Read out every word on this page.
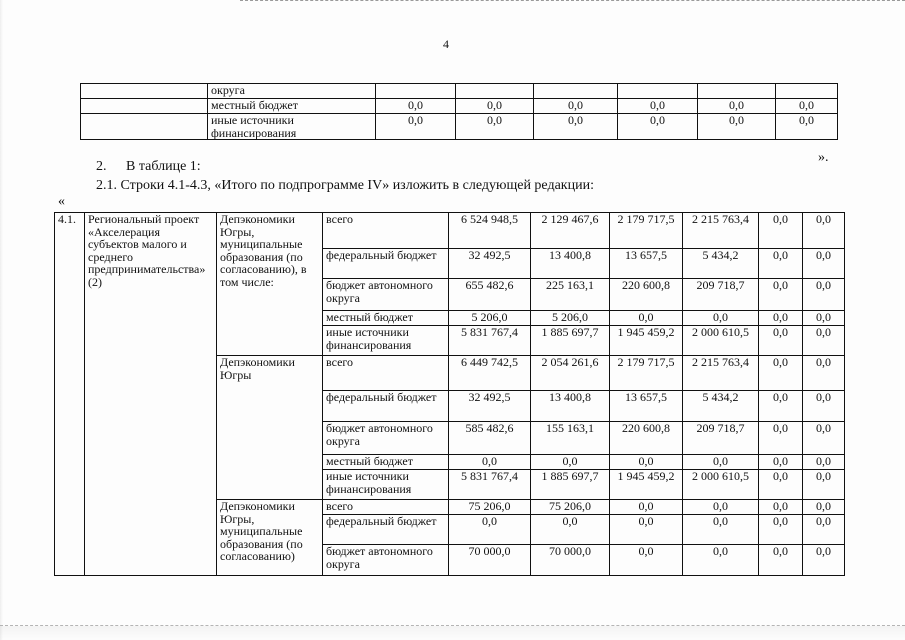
4
	округа						
	местный бюджет	0,0	0,0	0,0	0,0	0,0	0,0
	иные источники финансирования	0,0	0,0	0,0	0,0	0,0	0,0
».
2. В таблице 1:
2.1. Строки 4.1-4.3, «Итого по подпрограмме IV» изложить в следующей редакции:
«
4.1.	Региональный проект «Акселерация субъектов малого и среднего предпринимательства» (2)	Депэкономики Югры, муниципальные образования (по согласованию), в том числе:	всего	6 524 948,5	2 129 467,6	2 179 717,5	2 215 763,4	0,0	0,0
			федеральный бюджет	32 492,5	13 400,8	13 657,5	5 434,2	0,0	0,0
			бюджет автономного округа	655 482,6	225 163,1	220 600,8	209 718,7	0,0	0,0
			местный бюджет	5 206,0	5 206,0	0,0	0,0	0,0	0,0
			иные источники финансирования	5 831 767,4	1 885 697,7	1 945 459,2	2 000 610,5	0,0	0,0
		Депэкономики Югры	всего	6 449 742,5	2 054 261,6	2 179 717,5	2 215 763,4	0,0	0,0
			федеральный бюджет	32 492,5	13 400,8	13 657,5	5 434,2	0,0	0,0
			бюджет автономного округа	585 482,6	155 163,1	220 600,8	209 718,7	0,0	0,0
			местный бюджет	0,0	0,0	0,0	0,0	0,0	0,0
			иные источники финансирования	5 831 767,4	1 885 697,7	1 945 459,2	2 000 610,5	0,0	0,0
		Депэкономики Югры, муниципальные образования (по согласованию)	всего	75 206,0	75 206,0	0,0	0,0	0,0	0,0
			федеральный бюджет	0,0	0,0	0,0	0,0	0,0	0,0
			бюджет автономного округа	70 000,0	70 000,0	0,0	0,0	0,0	0,0
